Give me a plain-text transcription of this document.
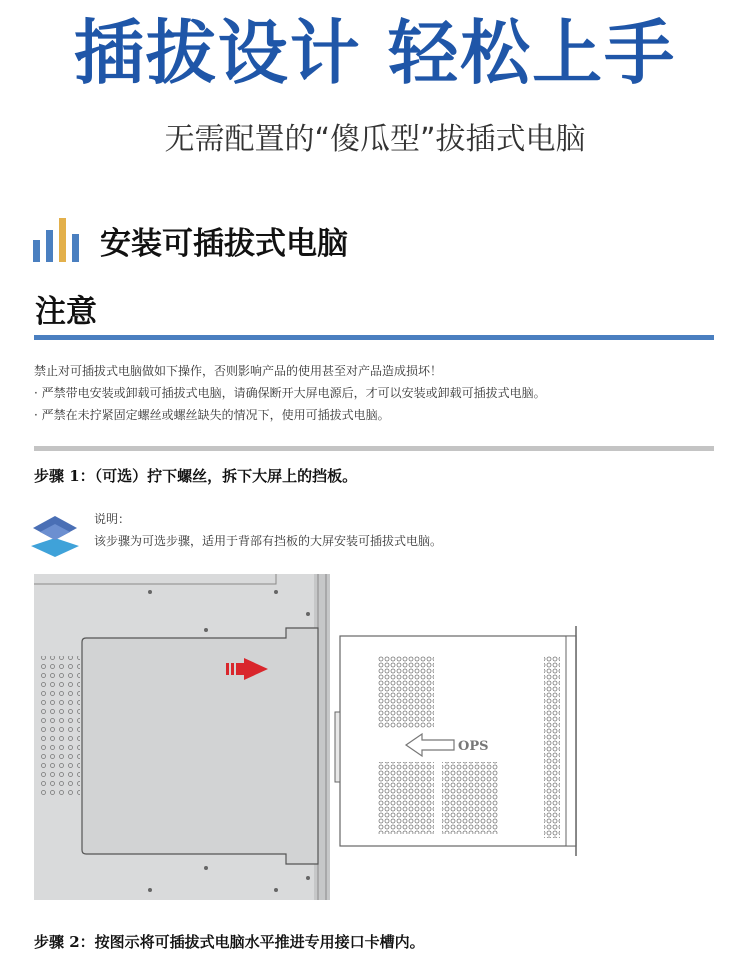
插拔设计 轻松上手
无需配置的“傻瓜型”拔插式电脑
安装可插拔式电脑
注意
禁止对可插拔式电脑做如下操作，否则影响产品的使用甚至对产品造成损坏！
· 严禁带电安装或卸载可插拔式电脑，请确保断开大屏电源后，才可以安装或卸载可插拔式电脑。
· 严禁在未拧紧固定螺丝或螺丝缺失的情况下，使用可插拔式电脑。
步骤 1：（可选）拧下螺丝，拆下大屏上的挡板。
说明：
该步骤为可选步骤，适用于背部有挡板的大屏安装可插拔式电脑。
OPS
步骤 2：按图示将可插拔式电脑水平推进专用接口卡槽内。
